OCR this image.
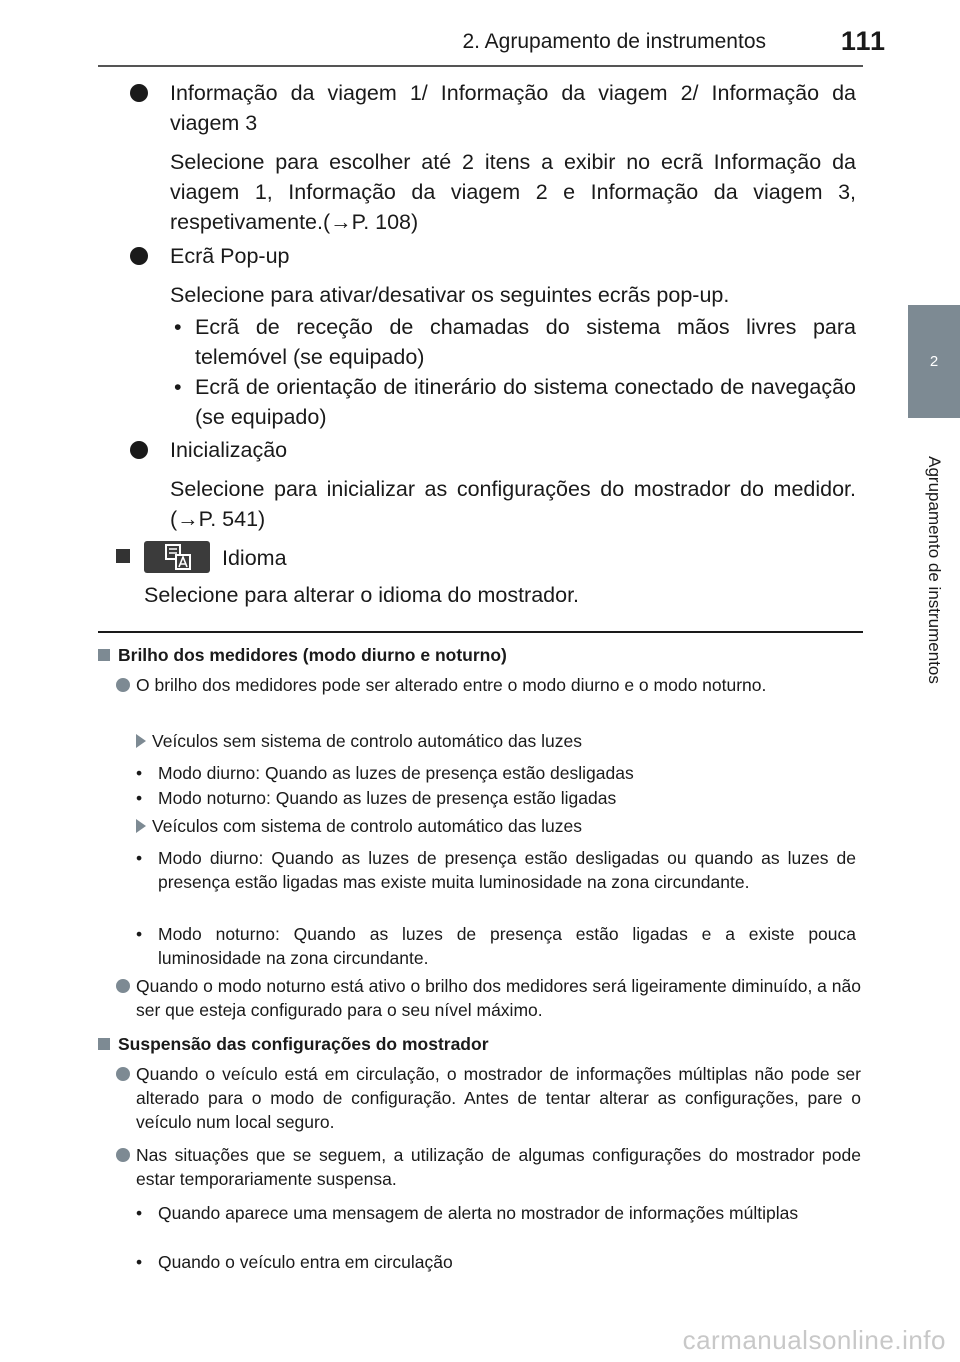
2. Agrupamento de instrumentos	111
2
Agrupamento de instrumentos
Informação da viagem 1/ Informação da viagem 2/ Informação da viagem 3
Selecione para escolher até 2 itens a exibir no ecrã Informação da viagem 1, Informação da viagem 2 e Informação da viagem 3, respetivamente.(→P. 108)
Ecrã Pop-up
Selecione para ativar/desativar os seguintes ecrãs pop-up.
• Ecrã de receção de chamadas do sistema mãos livres para telemóvel (se equipado)
• Ecrã de orientação de itinerário do sistema conectado de navegação (se equipado)
Inicialização
Selecione para inicializar as configurações do mostrador do medidor. (→P. 541)
Idioma
Selecione para alterar o idioma do mostrador.
Brilho dos medidores (modo diurno e noturno)
O brilho dos medidores pode ser alterado entre o modo diurno e o modo noturno.
Veículos sem sistema de controlo automático das luzes
• Modo diurno: Quando as luzes de presença estão desligadas
• Modo noturno: Quando as luzes de presença estão ligadas
Veículos com sistema de controlo automático das luzes
• Modo diurno: Quando as luzes de presença estão desligadas ou quando as luzes de presença estão ligadas mas existe muita luminosidade na zona circundante.
• Modo noturno: Quando as luzes de presença estão ligadas e a existe pouca luminosidade na zona circundante.
Quando o modo noturno está ativo o brilho dos medidores será ligeiramente diminuído, a não ser que esteja configurado para o seu nível máximo.
Suspensão das configurações do mostrador
Quando o veículo está em circulação, o mostrador de informações múltiplas não pode ser alterado para o modo de configuração. Antes de tentar alterar as configurações, pare o veículo num local seguro.
Nas situações que se seguem, a utilização de algumas configurações do mostrador pode estar temporariamente suspensa.
• Quando aparece uma mensagem de alerta no mostrador de informações múltiplas
• Quando o veículo entra em circulação
carmanualsonline.info
